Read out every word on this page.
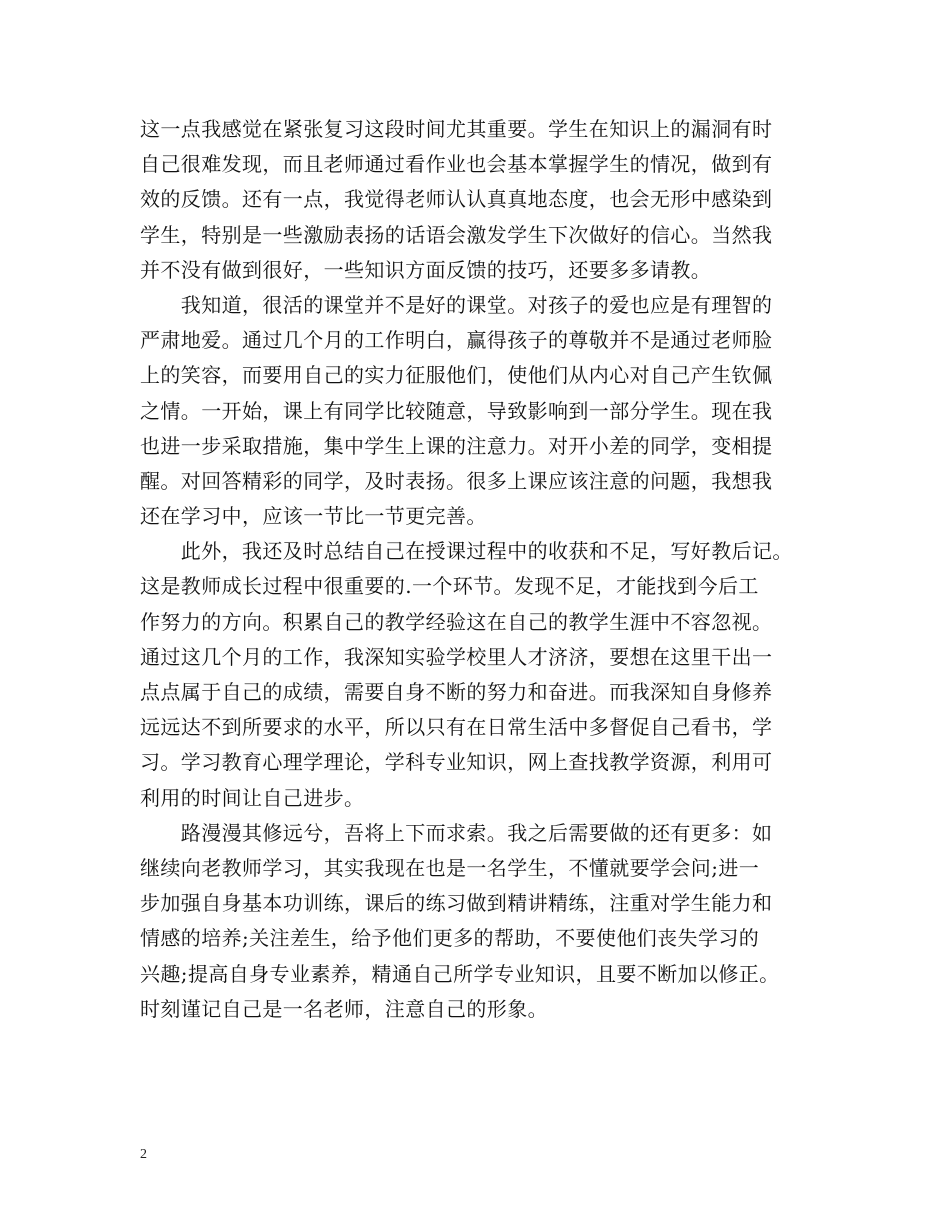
这一点我感觉在紧张复习这段时间尤其重要。学生在知识上的漏洞有时
自己很难发现，而且老师通过看作业也会基本掌握学生的情况，做到有
效的反馈。还有一点，我觉得老师认认真真地态度，也会无形中感染到
学生，特别是一些激励表扬的话语会激发学生下次做好的信心。当然我
并不没有做到很好，一些知识方面反馈的技巧，还要多多请教。

　　我知道，很活的课堂并不是好的课堂。对孩子的爱也应是有理智的
严肃地爱。通过几个月的工作明白，赢得孩子的尊敬并不是通过老师脸
上的笑容，而要用自己的实力征服他们，使他们从内心对自己产生钦佩
之情。一开始，课上有同学比较随意，导致影响到一部分学生。现在我
也进一步采取措施，集中学生上课的注意力。对开小差的同学，变相提
醒。对回答精彩的同学，及时表扬。很多上课应该注意的问题，我想我
还在学习中，应该一节比一节更完善。

　　此外，我还及时总结自己在授课过程中的收获和不足，写好教后记。
这是教师成长过程中很重要的.一个环节。发现不足，才能找到今后工
作努力的方向。积累自己的教学经验这在自己的教学生涯中不容忽视。
通过这几个月的工作，我深知实验学校里人才济济，要想在这里干出一
点点属于自己的成绩，需要自身不断的努力和奋进。而我深知自身修养
远远达不到所要求的水平，所以只有在日常生活中多督促自己看书，学
习。学习教育心理学理论，学科专业知识，网上查找教学资源，利用可
利用的时间让自己进步。

　　路漫漫其修远兮，吾将上下而求索。我之后需要做的还有更多：如
继续向老教师学习，其实我现在也是一名学生，不懂就要学会问;进一
步加强自身基本功训练，课后的练习做到精讲精练，注重对学生能力和
情感的培养;关注差生，给予他们更多的帮助，不要使他们丧失学习的
兴趣;提高自身专业素养，精通自己所学专业知识，且要不断加以修正。
时刻谨记自己是一名老师，注意自己的形象。

2
